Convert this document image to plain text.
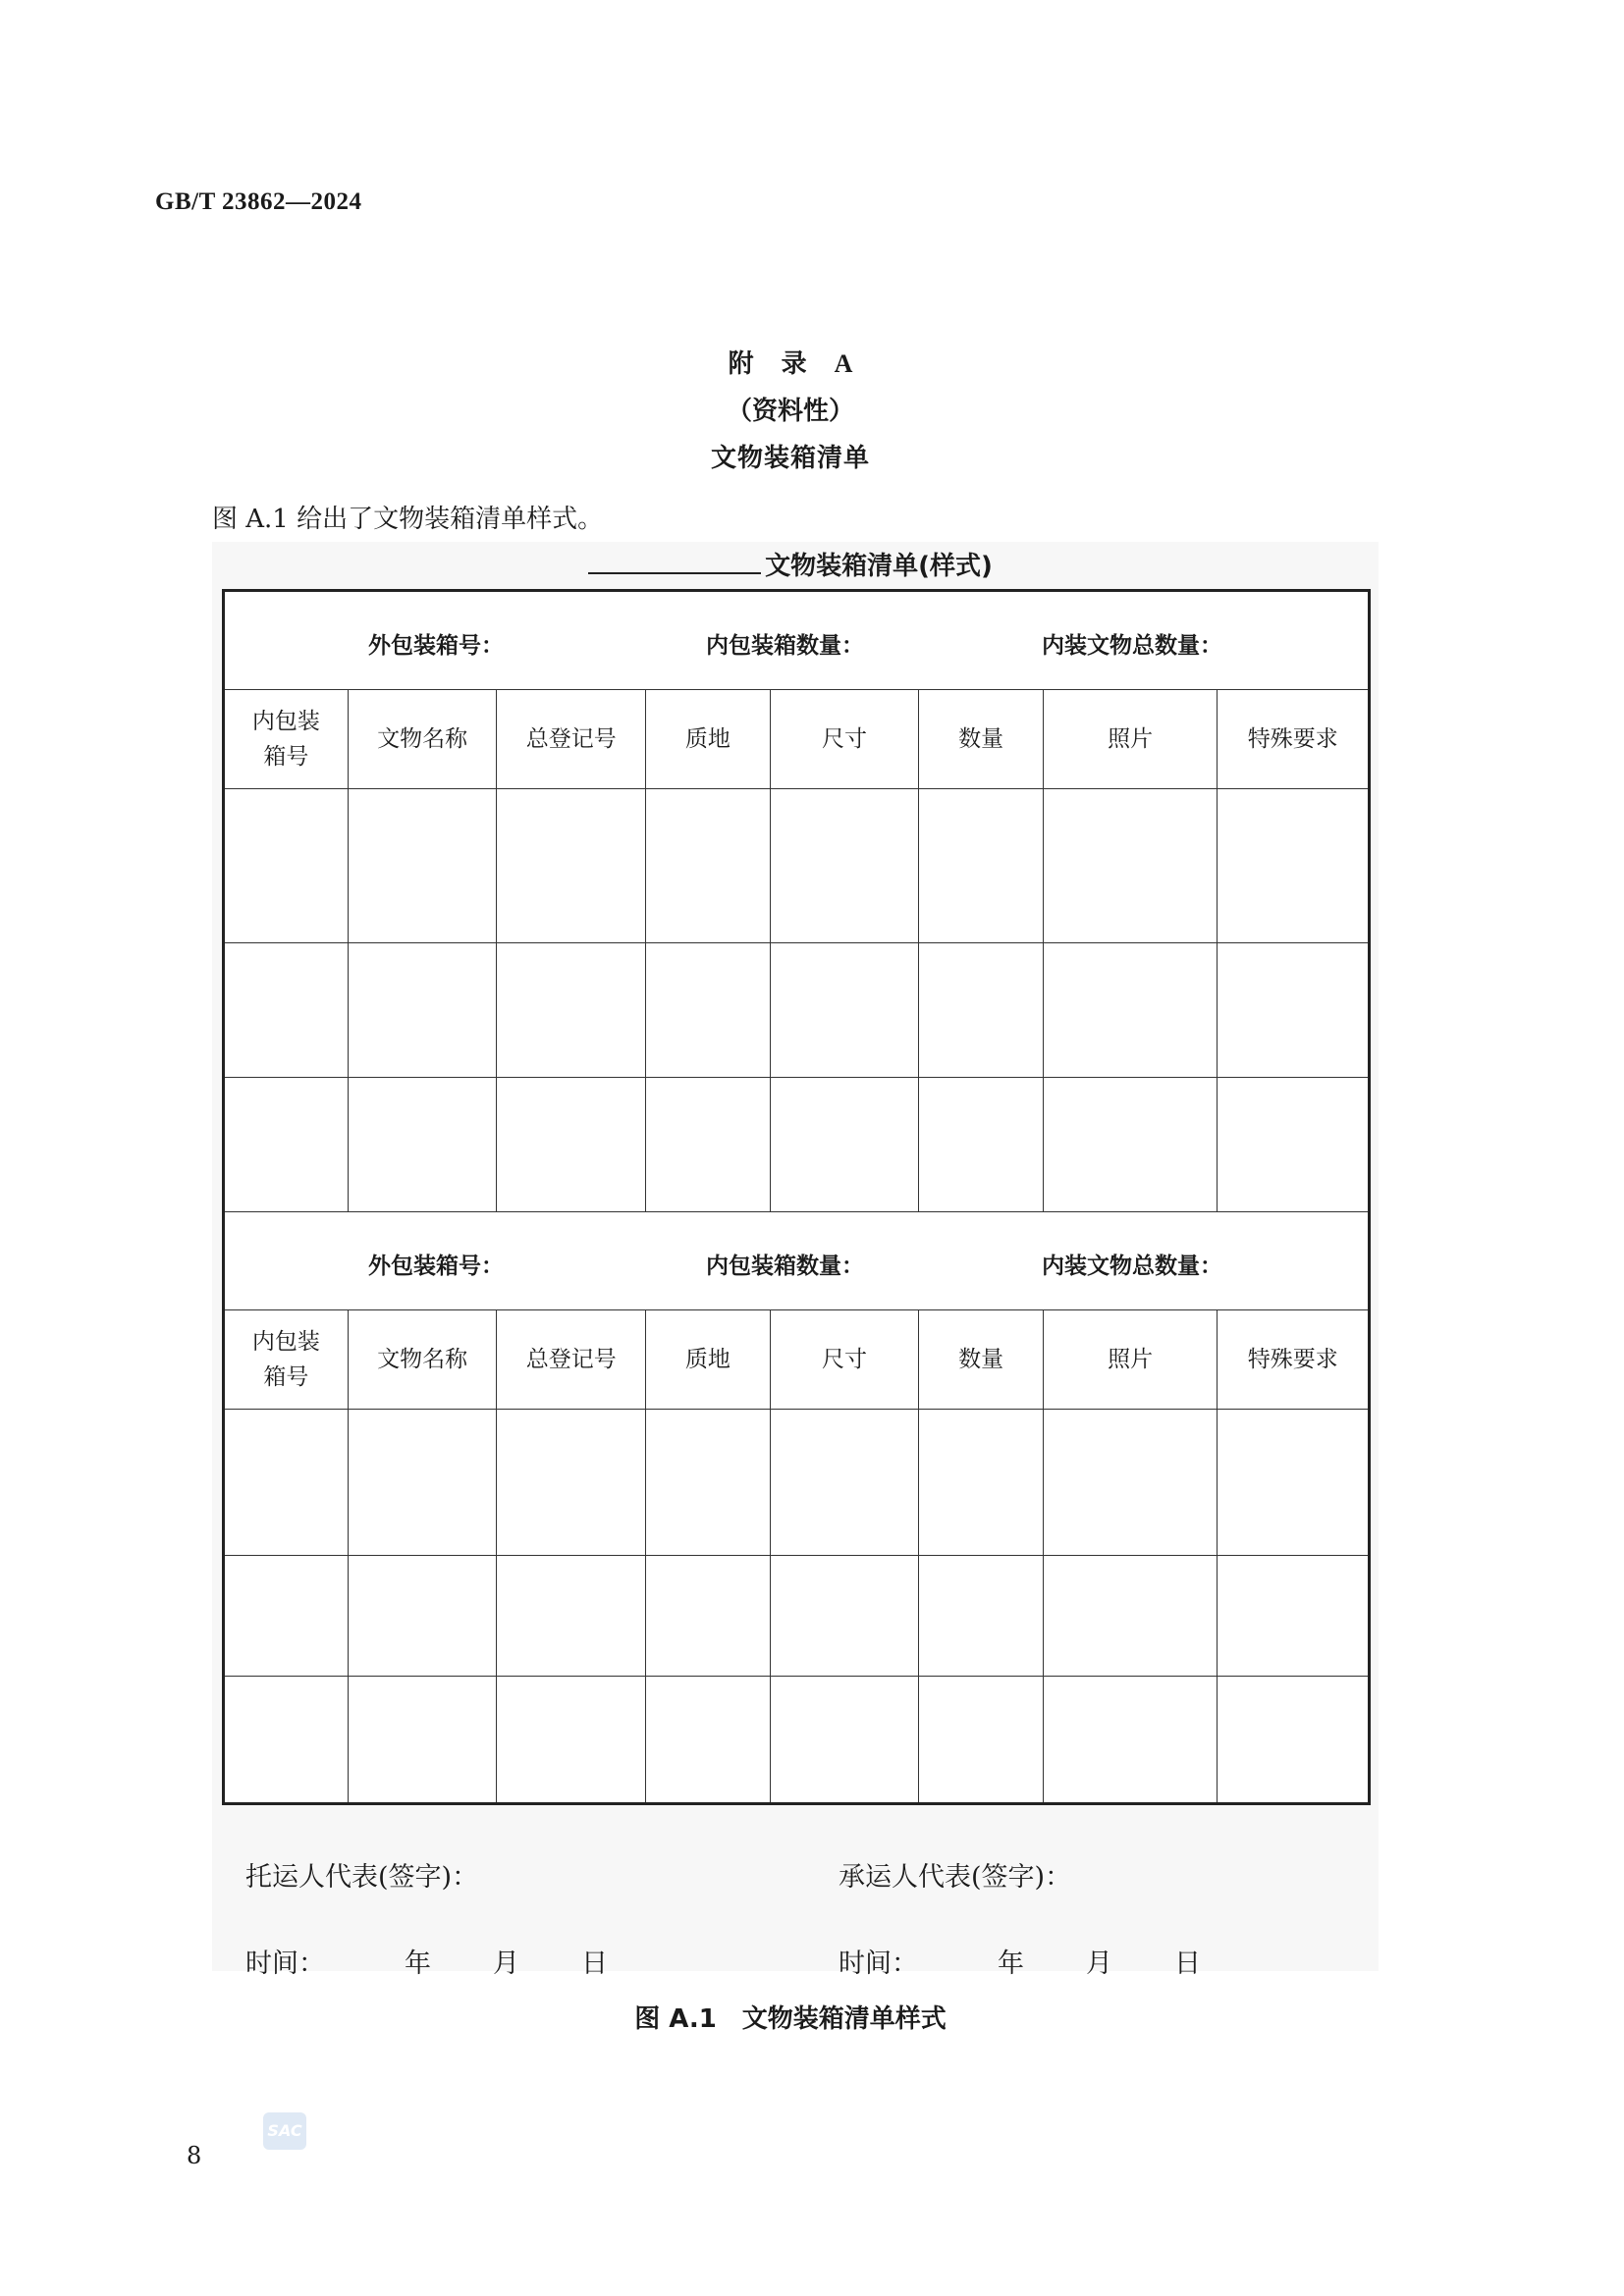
GB/T 23862—2024
附 录 A
（资料性）
文物装箱清单
图 A.1 给出了文物装箱清单样式。
文物装箱清单(样式)
外包装箱号： 内包装箱数量： 内装文物总数量：							

内包装箱号	文物名称	总登记号	质地	尺寸	数量	照片	特殊要求

外包装箱号： 内包装箱数量： 内装文物总数量：							

内包装箱号	文物名称	总登记号	质地	尺寸	数量	照片	特殊要求

托运人代表(签字)：	承运人代表(签字)：
时间：	年 月 日	时间：	年 月 日
图 A.1　文物装箱清单样式
8
SAC
